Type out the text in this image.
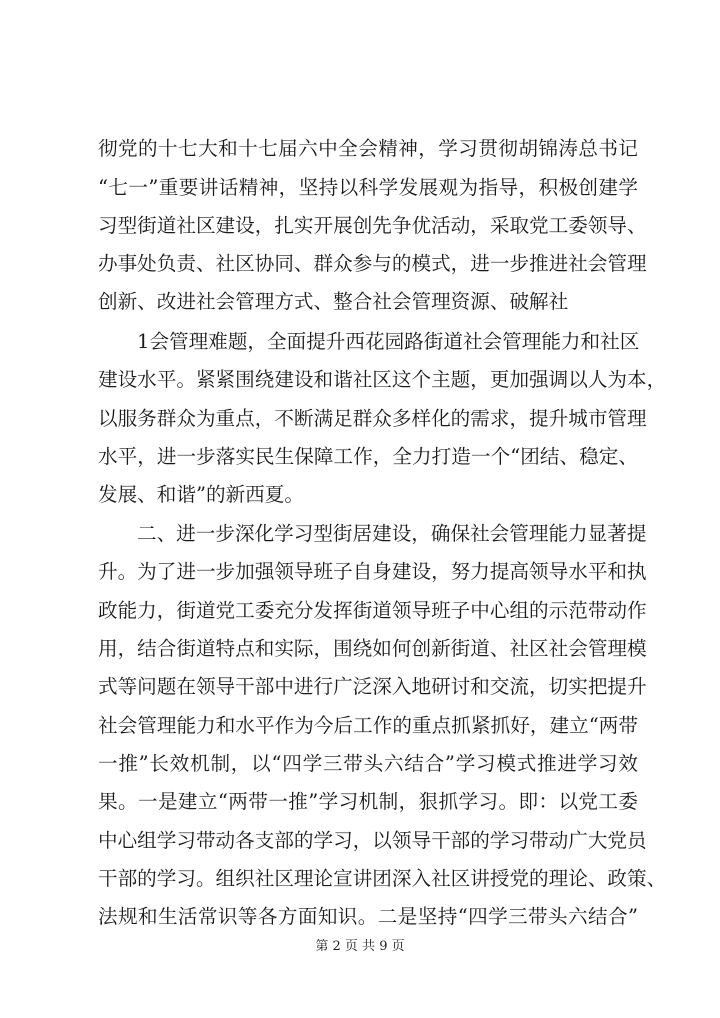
彻党的十七大和十七届六中全会精神，学习贯彻胡锦涛总书记
“七一”重要讲话精神，坚持以科学发展观为指导，积极创建学
习型街道社区建设，扎实开展创先争优活动，采取党工委领导、
办事处负责、社区协同、群众参与的模式，进一步推进社会管理
创新、改进社会管理方式、整合社会管理资源、破解社
1会管理难题，全面提升西花园路街道社会管理能力和社区
建设水平。紧紧围绕建设和谐社区这个主题，更加强调以人为本，
以服务群众为重点，不断满足群众多样化的需求，提升城市管理
水平，进一步落实民生保障工作，全力打造一个“团结、稳定、
发展、和谐”的新西夏。
二、进一步深化学习型街居建设，确保社会管理能力显著提
升。为了进一步加强领导班子自身建设，努力提高领导水平和执
政能力，街道党工委充分发挥街道领导班子中心组的示范带动作
用，结合街道特点和实际，围绕如何创新街道、社区社会管理模
式等问题在领导干部中进行广泛深入地研讨和交流，切实把提升
社会管理能力和水平作为今后工作的重点抓紧抓好，建立“两带
一推”长效机制，以“四学三带头六结合”学习模式推进学习效
果。一是建立“两带一推”学习机制，狠抓学习。即：以党工委
中心组学习带动各支部的学习，以领导干部的学习带动广大党员
干部的学习。组织社区理论宣讲团深入社区讲授党的理论、政策、
法规和生活常识等各方面知识。二是坚持“四学三带头六结合”
第 2 页 共 9 页
